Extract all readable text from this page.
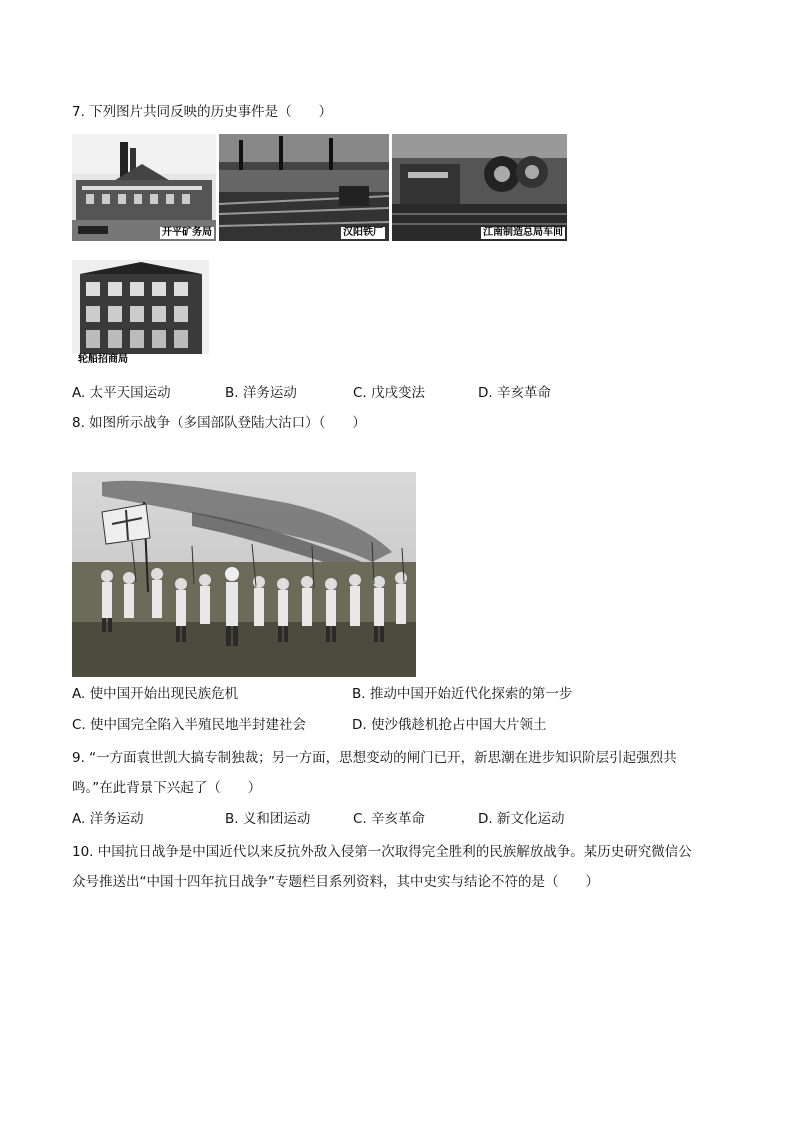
7. 下列图片共同反映的历史事件是（　　）
开平矿务局	汉阳铁厂	江南制造总局车间
轮船招商局
A. 太平天国运动	B. 洋务运动	C. 戊戌变法	D. 辛亥革命
8. 如图所示战争（多国部队登陆大沽口）（　　）
A. 使中国开始出现民族危机	B. 推动中国开始近代化探索的第一步
C. 使中国完全陷入半殖民地半封建社会	D. 使沙俄趁机抢占中国大片领土
9. “一方面袁世凯大搞专制独裁；另一方面，思想变动的闸门已开，新思潮在进步知识阶层引起强烈共
鸣。”在此背景下兴起了（　　）
A. 洋务运动	B. 义和团运动	C. 辛亥革命	D. 新文化运动
10. 中国抗日战争是中国近代以来反抗外敌入侵第一次取得完全胜利的民族解放战争。某历史研究微信公
众号推送出“中国十四年抗日战争”专题栏目系列资料，其中史实与结论不符的是（　　）
